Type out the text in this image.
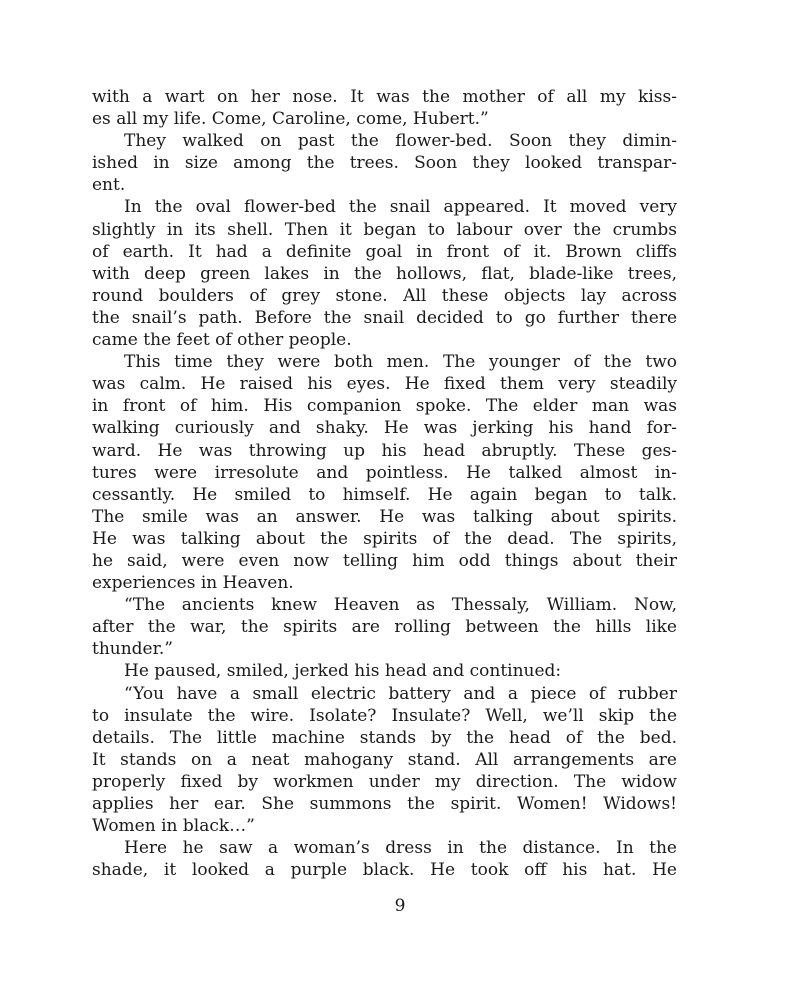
with a wart on her nose. It was the mother of all my kiss-
es all my life. Come, Caroline, come, Hubert.”
They walked on past the flower-bed. Soon they dimin-
ished in size among the trees. Soon they looked transpar-
ent.
In the oval flower-bed the snail appeared. It moved very
slightly in its shell. Then it began to labour over the crumbs
of earth. It had a definite goal in front of it. Brown cliffs
with deep green lakes in the hollows, flat, blade-like trees,
round boulders of grey stone. All these objects lay across
the snail’s path. Before the snail decided to go further there
came the feet of other people.
This time they were both men. The younger of the two
was calm. He raised his eyes. He fixed them very steadily
in front of him. His companion spoke. The elder man was
walking curiously and shaky. He was jerking his hand for-
ward. He was throwing up his head abruptly. These ges-
tures were irresolute and pointless. He talked almost in-
cessantly. He smiled to himself. He again began to talk.
The smile was an answer. He was talking about spirits.
He was talking about the spirits of the dead. The spirits,
he said, were even now telling him odd things about their
experiences in Heaven.
“The ancients knew Heaven as Thessaly, William. Now,
after the war, the spirits are rolling between the hills like
thunder.”
He paused, smiled, jerked his head and continued:
“You have a small electric battery and a piece of rubber
to insulate the wire. Isolate? Insulate? Well, we’ll skip the
details. The little machine stands by the head of the bed.
It stands on a neat mahogany stand. All arrangements are
properly fixed by workmen under my direction. The widow
applies her ear. She summons the spirit. Women! Widows!
Women in black…”
Here he saw a woman’s dress in the distance. In the
shade, it looked a purple black. He took off his hat. He
9
